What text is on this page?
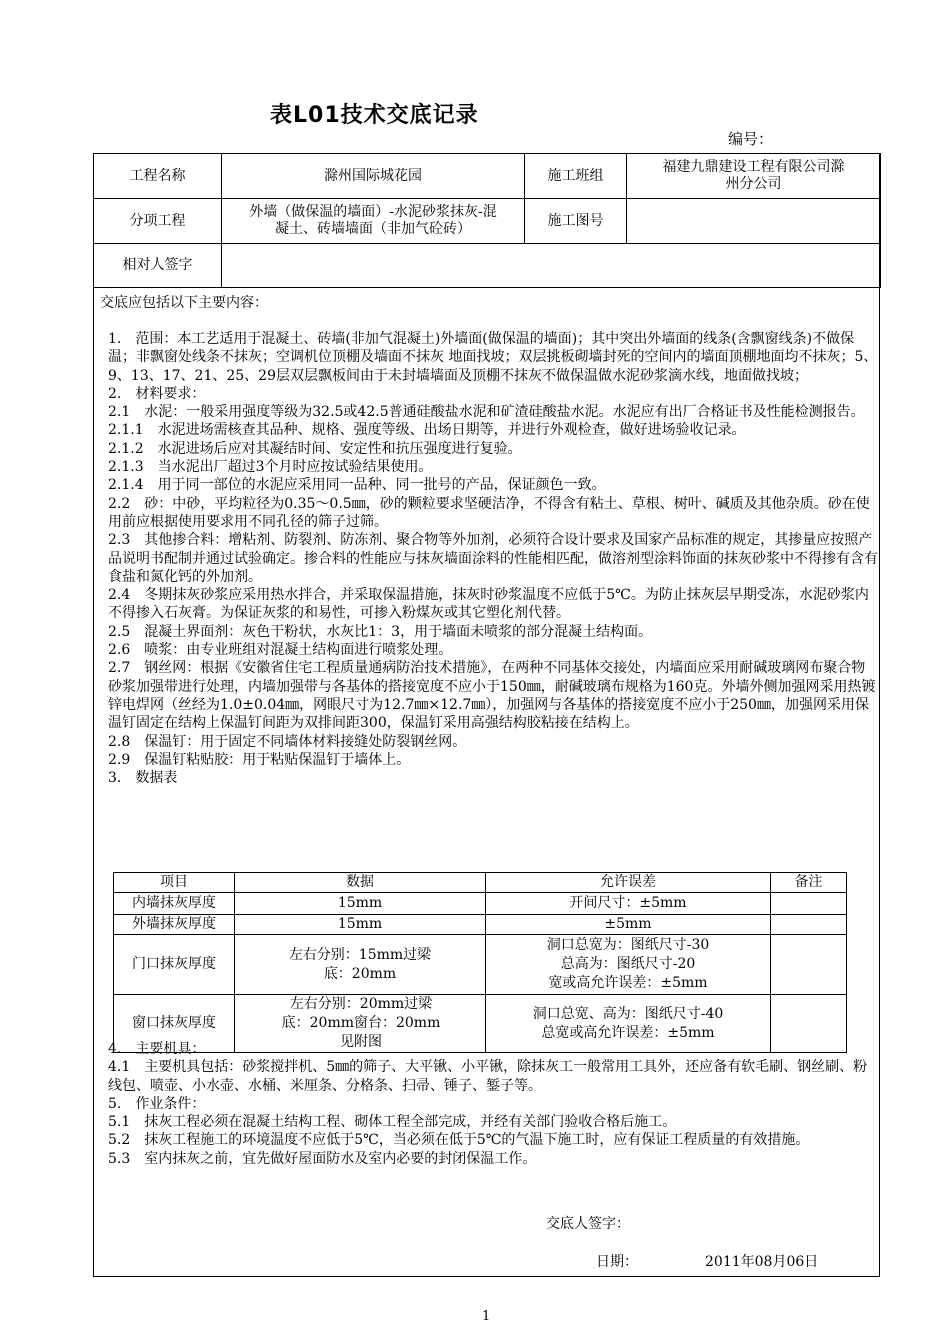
表L01技术交底记录
编号：
工程名称	滁州国际城花园	施工班组	福建九鼎建设工程有限公司滁州分公司
分项工程	外墙（做保温的墙面）-水泥砂浆抹灰-混凝土、砖墙墙面（非加气砼砖）	施工图号	
相对人签字			
交底应包括以下主要内容：

1.　范围：本工艺适用于混凝土、砖墙(非加气混凝土)外墙面(做保温的墙面)；其中突出外墙面的线条(含飘窗线条)不做保温；非飘窗处线条不抹灰；空调机位顶棚及墙面不抹灰 地面找坡；双层挑板砌墙封死的空间内的墙面顶棚地面均不抹灰；5、9、13、17、21、25、29层双层飘板间由于未封墙墙面及顶棚不抹灰不做保温做水泥砂浆滴水线，地面做找坡；

2.　材料要求：

2.1　水泥：一般采用强度等级为32.5或42.5普通硅酸盐水泥和矿渣硅酸盐水泥。水泥应有出厂合格证书及性能检测报告。

2.1.1　水泥进场需核查其品种、规格、强度等级、出场日期等，并进行外观检查，做好进场验收记录。

2.1.2　水泥进场后应对其凝结时间、安定性和抗压强度进行复验。

2.1.3　当水泥出厂超过3个月时应按试验结果使用。

2.1.4　用于同一部位的水泥应采用同一品种、同一批号的产品，保证颜色一致。

2.2　砂：中砂，平均粒径为0.35～0.5㎜，砂的颗粒要求坚硬洁净，不得含有粘土、草根、树叶、碱质及其他杂质。砂在使用前应根据使用要求用不同孔径的筛子过筛。

2.3　其他掺合料：增粘剂、防裂剂、防冻剂、聚合物等外加剂，必须符合设计要求及国家产品标准的规定，其掺量应按照产品说明书配制并通过试验确定。掺合料的性能应与抹灰墙面涂料的性能相匹配，做溶剂型涂料饰面的抹灰砂浆中不得掺有含有食盐和氮化钙的外加剂。

2.4　冬期抹灰砂浆应采用热水拌合，并采取保温措施，抹灰时砂浆温度不应低于5℃。为防止抹灰层早期受冻，水泥砂浆内不得掺入石灰膏。为保证灰浆的和易性，可掺入粉煤灰或其它塑化剂代替。

2.5　混凝土界面剂：灰色干粉状，水灰比1：3，用于墙面未喷浆的部分混凝土结构面。

2.6　喷浆：由专业班组对混凝土结构面进行喷浆处理。

2.7　钢丝网：根据《安徽省住宅工程质量通病防治技术措施》，在两种不同基体交接处，内墙面应采用耐碱玻璃网布聚合物砂浆加强带进行处理，内墙加强带与各基体的搭接宽度不应小于150㎜，耐碱玻璃布规格为160克。外墙外侧加强网采用热镀锌电焊网（丝经为1.0±0.04㎜，网眼尺寸为12.7㎜×12.7㎜），加强网与各基体的搭接宽度不应小于250㎜，加强网采用保温钉固定在结构上保温钉间距为双排间距300，保温钉采用高强结构胶粘接在结构上。

2.8　保温钉：用于固定不同墙体材料接缝处防裂钢丝网。

2.9　保温钉粘贴胶：用于粘贴保温钉于墙体上。

3.　数据表

项目	数据	允许误差	备注
内墙抹灰厚度	15mm	开间尺寸：±5mm	
外墙抹灰厚度	15mm	±5mm	
门口抹灰厚度	左右分别：15mm过梁底：20mm	洞口总宽为：图纸尺寸-30
总高为：图纸尺寸-20
宽或高允许误差：±5mm	

窗口抹灰厚度	左右分别：20mm过梁底：20mm窗台：20mm见附图	洞口总宽、高为：图纸尺寸-40
总宽或高允许误差：±5mm	

4.　主要机具：

4.1　主要机具包括：砂浆搅拌机、5㎜的筛子、大平锹、小平锹，除抹灰工一般常用工具外，还应备有软毛刷、钢丝刷、粉线包、喷壶、小水壶、水桶、米厘条、分格条、扫帚、锤子、錾子等。

5.　作业条件：

5.1　抹灰工程必须在混凝土结构工程、砌体工程全部完成，并经有关部门验收合格后施工。

5.2　抹灰工程施工的环境温度不应低于5℃，当必须在低于5℃的气温下施工时，应有保证工程质量的有效措施。

5.3　室内抹灰之前，宜先做好屋面防水及室内必要的封闭保温工作。

交底人签字：
日期：	2011年08月06日
1
